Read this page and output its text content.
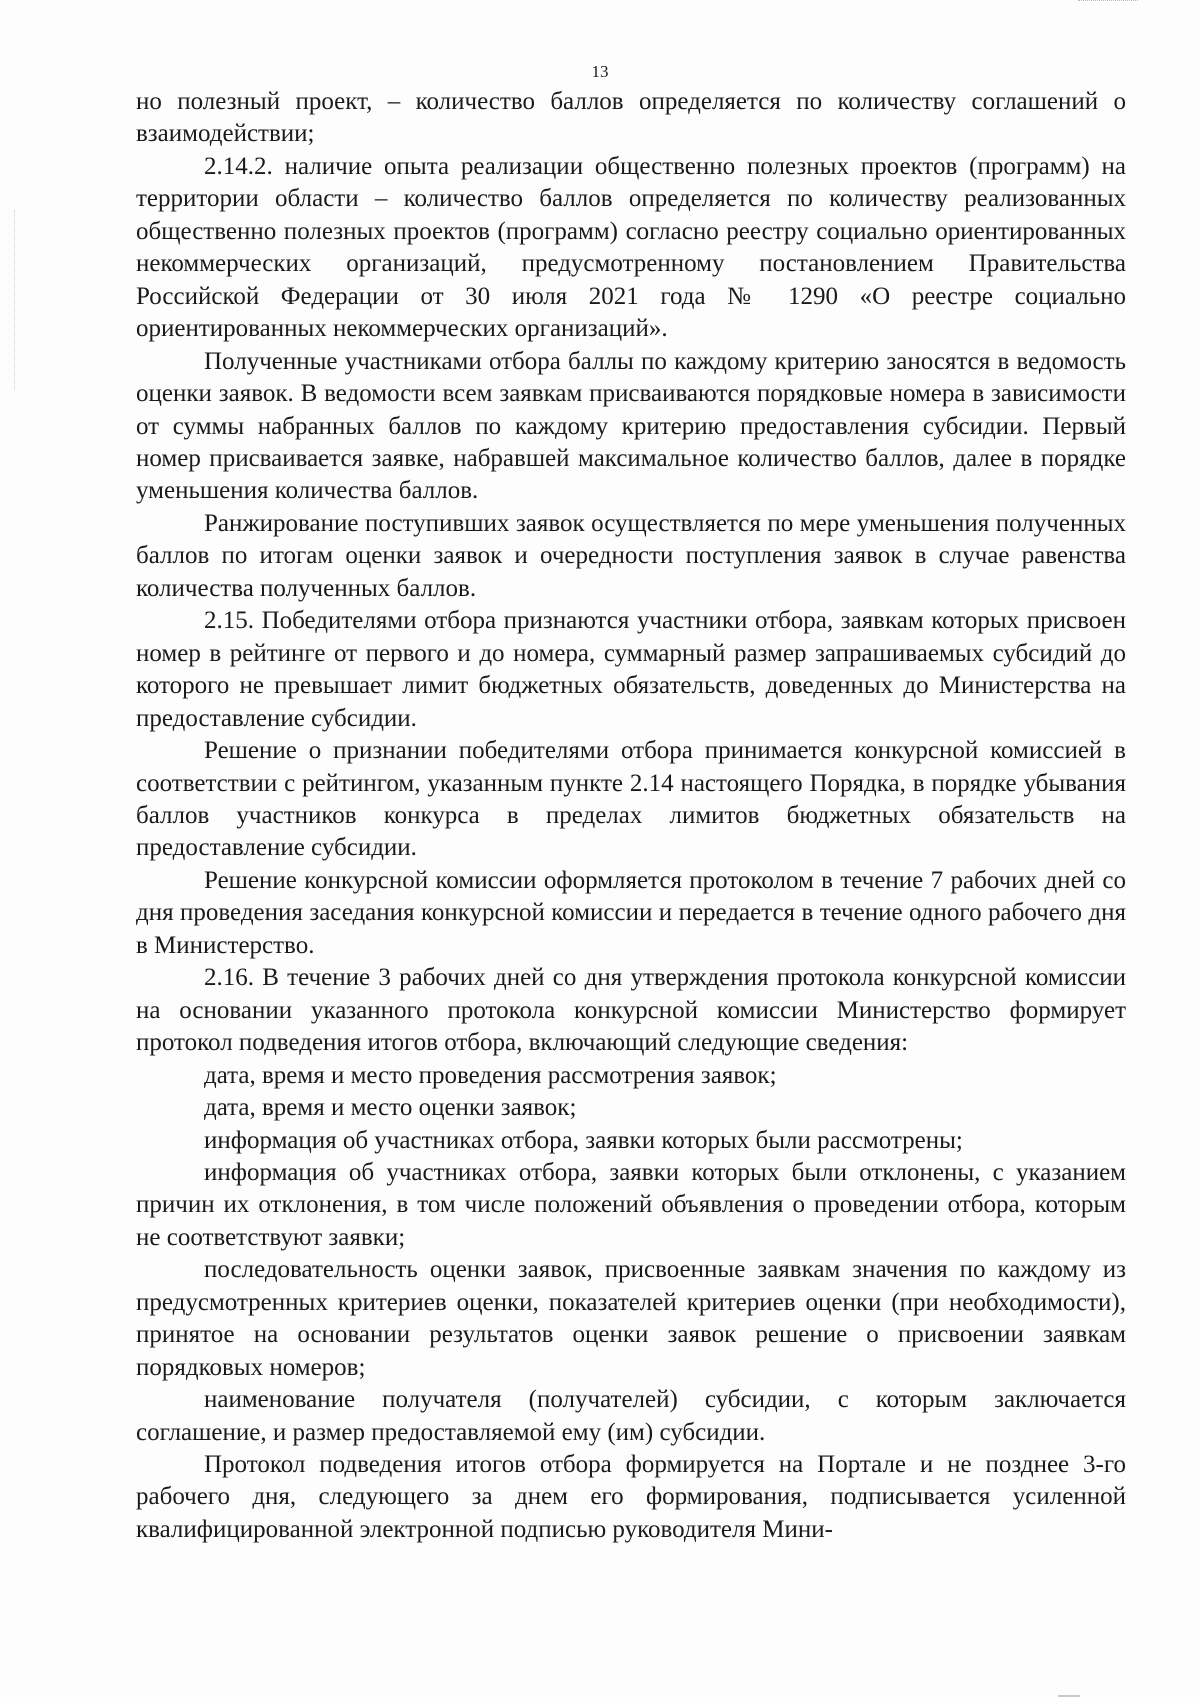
13

но полезный проект, – количество баллов определяется по количеству соглашений о взаимодействии;

2.14.2. наличие опыта реализации общественно полезных проектов (программ) на территории области – количество баллов определяется по количеству реализованных общественно полезных проектов (программ) согласно реестру социально ориентированных некоммерческих организаций, предусмотренному постановлением Правительства Российской Федерации от 30 июля 2021 года № 1290 «О реестре социально ориентированных некоммерческих организаций».

Полученные участниками отбора баллы по каждому критерию заносятся в ведомость оценки заявок. В ведомости всем заявкам присваиваются порядковые номера в зависимости от суммы набранных баллов по каждому критерию предоставления субсидии. Первый номер присваивается заявке, набравшей максимальное количество баллов, далее в порядке уменьшения количества баллов.

Ранжирование поступивших заявок осуществляется по мере уменьшения полученных баллов по итогам оценки заявок и очередности поступления заявок в случае равенства количества полученных баллов.

2.15. Победителями отбора признаются участники отбора, заявкам которых присвоен номер в рейтинге от первого и до номера, суммарный размер запрашиваемых субсидий до которого не превышает лимит бюджетных обязательств, доведенных до Министерства на предоставление субсидии.

Решение о признании победителями отбора принимается конкурсной комиссией в соответствии с рейтингом, указанным пункте 2.14 настоящего Порядка, в порядке убывания баллов участников конкурса в пределах лимитов бюджетных обязательств на предоставление субсидии.

Решение конкурсной комиссии оформляется протоколом в течение 7 рабочих дней со дня проведения заседания конкурсной комиссии и передается в течение одного рабочего дня в Министерство.

2.16. В течение 3 рабочих дней со дня утверждения протокола конкурсной комиссии на основании указанного протокола конкурсной комиссии Министерство формирует протокол подведения итогов отбора, включающий следующие сведения:

дата, время и место проведения рассмотрения заявок;

дата, время и место оценки заявок;

информация об участниках отбора, заявки которых были рассмотрены;

информация об участниках отбора, заявки которых были отклонены, с указанием причин их отклонения, в том числе положений объявления о проведении отбора, которым не соответствуют заявки;

последовательность оценки заявок, присвоенные заявкам значения по каждому из предусмотренных критериев оценки, показателей критериев оценки (при необходимости), принятое на основании результатов оценки заявок решение о присвоении заявкам порядковых номеров;

наименование получателя (получателей) субсидии, с которым заключается соглашение, и размер предоставляемой ему (им) субсидии.

Протокол подведения итогов отбора формируется на Портале и не позднее 3-го рабочего дня, следующего за днем его формирования, подписывается усиленной квалифицированной электронной подписью руководителя Мини-
